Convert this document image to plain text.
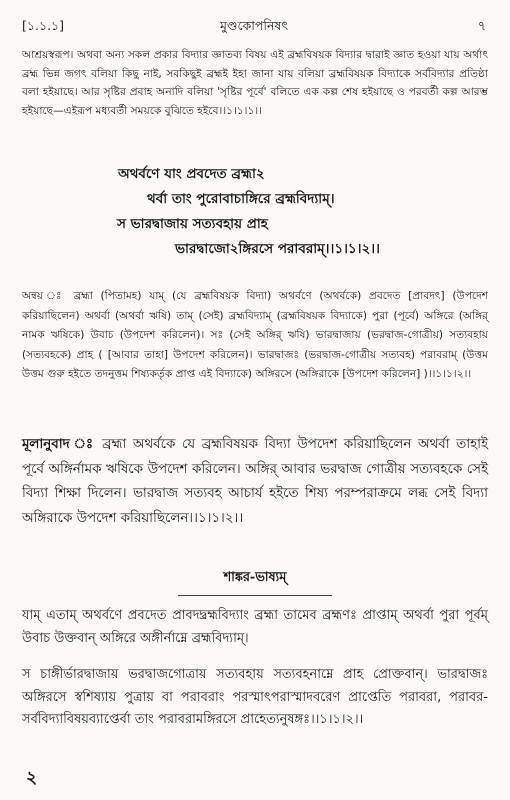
[১.১.১]	মুণ্ডকোপনিষৎ	৭

আশ্রয়স্বরূপ। অথবা অন্য সকল প্রকার বিদ্যার জ্ঞাতব্য বিষয় এই ব্রহ্মবিষয়ক বিদ্যার দ্বারাই জ্ঞাত হওয়া যায় অর্থাৎ ব্রহ্ম ভিন্ন জগৎ বলিয়া কিছু নাই, সবকিছুই ব্রহ্মই ইহা জানা যায় বলিয়া ব্রহ্মবিষয়ক বিদ্যাকে সর্ববিদ্যার প্রতিষ্ঠা বলা হইয়াছে। আর সৃষ্টির প্রবাহ অনাদি বলিয়া 'সৃষ্টির পূর্বে' বলিতে এক কল্প শেষ হইয়াছে ও পরবর্তী কল্প আরম্ভ হইয়াছে—এইরূপ মধ্যবর্তী সময়কে বুঝিতে হইবে।।১।১।১।।

অথর্বণে যাং প্রবদেত ব্রহ্মা২
থর্বা তাং পুরোবাচাঙ্গিরে ব্রহ্মবিদ্যাম্।
স ভারদ্বাজায় সত্যবহায় প্রাহ
ভারদ্বাজো২ঙ্গিরসে পরাবরাম্।।১।১।২।।

অন্বয় ঃ ব্রহ্মা (পিতামহ) যাম্ (যে ব্রহ্মবিষয়ক বিদ্যা) অথর্বণে (অথর্বকে) প্রবদেত [প্রাবদৎ] (উপদেশ করিয়াছিলেন) অথর্বা (অথর্বা ঋষি) তাম্ (সেই) ব্রহ্মবিদ্যাম্ (ব্রহ্মবিষয়ক বিদ্যাকে) পুরা (পূর্বে) অঙ্গিরে (অঙ্গির্ নামক ঋষিকে) উবাচ (উপদেশ করিলেন)। সঃ (সেই অঙ্গির্ ঋষি) ভারদ্বাজায় (ভরদ্বাজ-গোত্রীয়) সত্যবহায় (সত্যবহকে) প্রাহ ( [আবার তাহা] উপদেশ করিলেন)। ভারদ্বাজঃ (ভরদ্বাজ-গোত্রীয় সত্যবহ) পরাবরাম্ (উত্তম উত্তম গুরু হইতে তদনুত্তম শিষ্যকর্তৃক প্রাপ্ত এই বিদ্যাকে) অঙ্গিরসে (অঙ্গিরাকে [উপদেশ করিলেন] )।।১।১।২।।

মূলানুবাদ ঃ ব্রহ্মা অথর্বকে যে ব্রহ্মবিষয়ক বিদ্যা উপদেশ করিয়াছিলেন অথর্বা তাহাই পূর্বে অঙ্গির্নামক ঋষিকে উপদেশ করিলেন। অঙ্গির্ আবার ভরদ্বাজ গোত্রীয় সত্যবহকে সেই বিদ্যা শিক্ষা দিলেন। ভারদ্বাজ সত্যবহ আচার্য হইতে শিষ্য পরম্পরাক্রমে লব্ধ সেই বিদ্যা অঙ্গিরাকে উপদেশ করিয়াছিলেন।।১।১।২।।

শাঙ্কর-ভাষ্যম্

যাম্ এতাম্ অথর্বণে প্রবদেত প্রাবদদ্ব্রহ্মবিদ্যাং ব্রহ্মা তামেব ব্রহ্মণঃ প্রাপ্তাম্ অথর্বা পুরা পূর্বম্ উবাচ উক্তবান্ অঙ্গিরে অঙ্গীর্নাম্নে ব্রহ্মবিদ্যাম্।

স চাঙ্গীর্ভারদ্বাজায় ভরদ্বাজগোত্রায় সত্যবহায় সত্যবহনাম্নে প্রাহ প্রোক্তবান্। ভারদ্বাজঃ অঙ্গিরসে স্বশিষ্যায় পুত্রায় বা পরাবরাং পরস্মাৎপরাস্মাদবরেণ প্রাপ্তেতি পরাবরা, পরাবর-সর্ববিদ্যাবিষয়ব্যাপ্তের্বা তাং পরাবরামঙ্গিরসে প্রাহেত্যনুষঙ্গঃ।।১।১।২।।

২
